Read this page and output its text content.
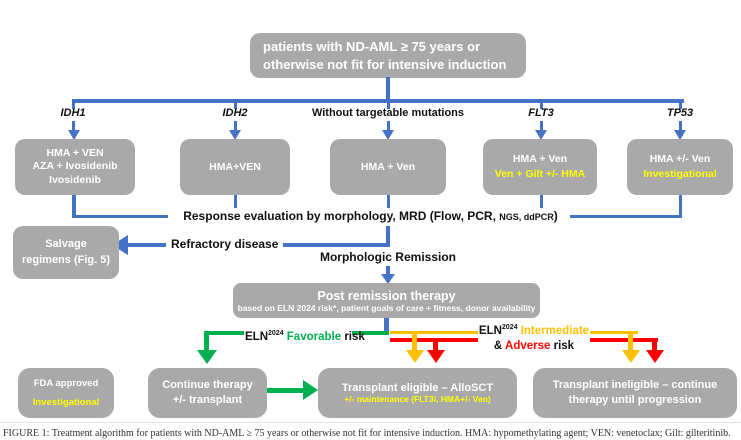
patients with ND-AML ≥ 75 years or
otherwise not fit for intensive induction
IDH1	IDH2	Without targetable mutations	FLT3	TP53
HMA + VEN
AZA + Ivosidenib
Ivosidenib
HMA+VEN	HMA + Ven
HMA + Ven
Ven + Gilt +/- HMA
HMA +/- Ven
Investigational
Response evaluation by morphology, MRD (Flow, PCR, NGS, ddPCR)
Refractory disease
Salvage
regimens (Fig. 5)	Morphologic Remission
Post remission therapy
based on ELN 2024 risk*, patient goals of care + fitness, donor availability
$ELN^{2024}$ Favorable risk	$ELN^{2024}$ Intermediate
& Adverse risk
FDA approved
Investigational
Continue therapy
+/- transplant
Transplant eligible – AlloSCT
+/- maintenance (FLT3i, HMA+/- Ven)
Transplant ineligible – continue
therapy until progression
FIGURE 1: Treatment algorithm for patients with ND-AML ≥ 75 years or otherwise not fit for intensive induction. HMA: hypomethylating agent; VEN: venetoclax; Gilt: gilteritinib.
